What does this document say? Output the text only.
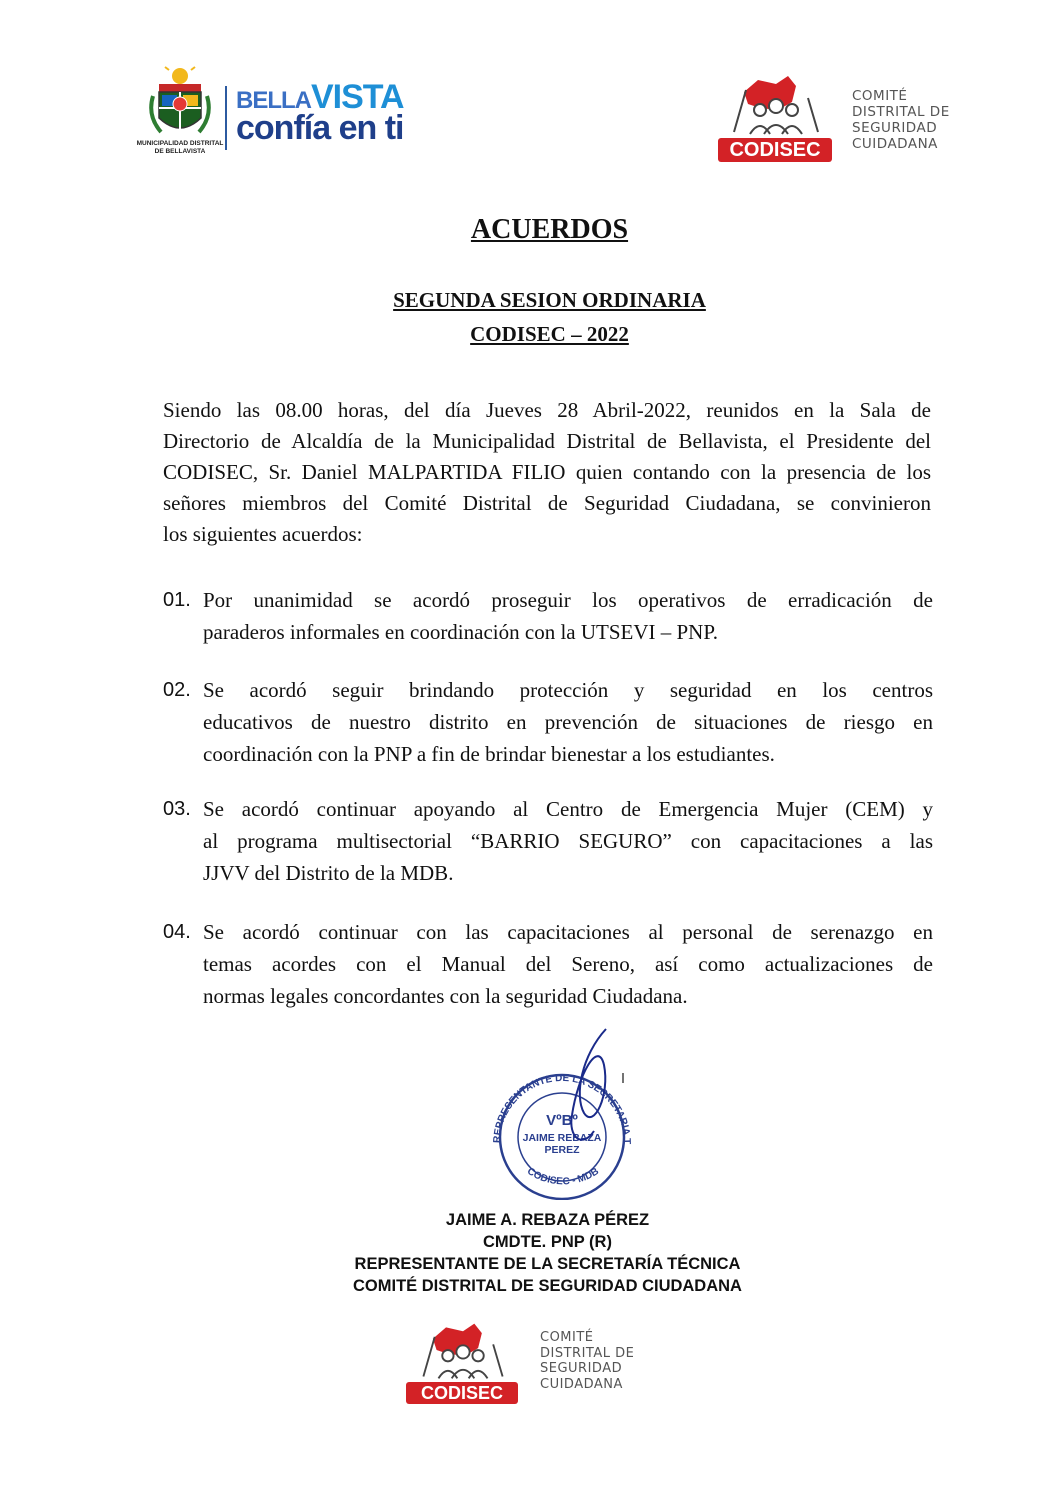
MUNICIPALIDAD DISTRITAL
DE BELLAVISTA
BELLAVISTA
confía en ti
CODISEC
COMITÉ
DISTRITAL DE
SEGURIDAD
CUIDADANA
ACUERDOS
SEGUNDA SESION ORDINARIA
CODISEC – 2022
Siendo las 08.00 horas, del día Jueves 28 Abril-2022, reunidos en la Sala de
Directorio de Alcaldía de la Municipalidad Distrital de Bellavista, el Presidente del
CODISEC, Sr. Daniel MALPARTIDA FILIO quien contando con la presencia de los
señores miembros del Comité Distrital de Seguridad Ciudadana, se convinieron
los siguientes acuerdos:
01. Por unanimidad se acordó proseguir los operativos de erradicación de
paraderos informales en coordinación con la UTSEVI – PNP.
02. Se acordó seguir brindando protección y seguridad en los centros
educativos de nuestro distrito en prevención de situaciones de riesgo en
coordinación con la PNP a fin de brindar bienestar a los estudiantes.
03. Se acordó continuar apoyando al Centro de Emergencia Mujer (CEM) y
al programa multisectorial “BARRIO SEGURO” con capacitaciones a las
JJVV del Distrito de la MDB.
04. Se acordó continuar con las capacitaciones al personal de serenazgo en
temas acordes con el Manual del Sereno, así como actualizaciones de
normas legales concordantes con la seguridad Ciudadana.
REPRESENTANTE DE LA SECRETARIA T
CODISEC - MDB
VºBº
JAIME REBAZA
PEREZ
JAIME A. REBAZA PÉREZ
CMDTE. PNP (R)
REPRESENTANTE DE LA SECRETARÍA TÉCNICA
COMITÉ DISTRITAL DE SEGURIDAD CIUDADANA
CODISEC
COMITÉ
DISTRITAL DE
SEGURIDAD
CUIDADANA
